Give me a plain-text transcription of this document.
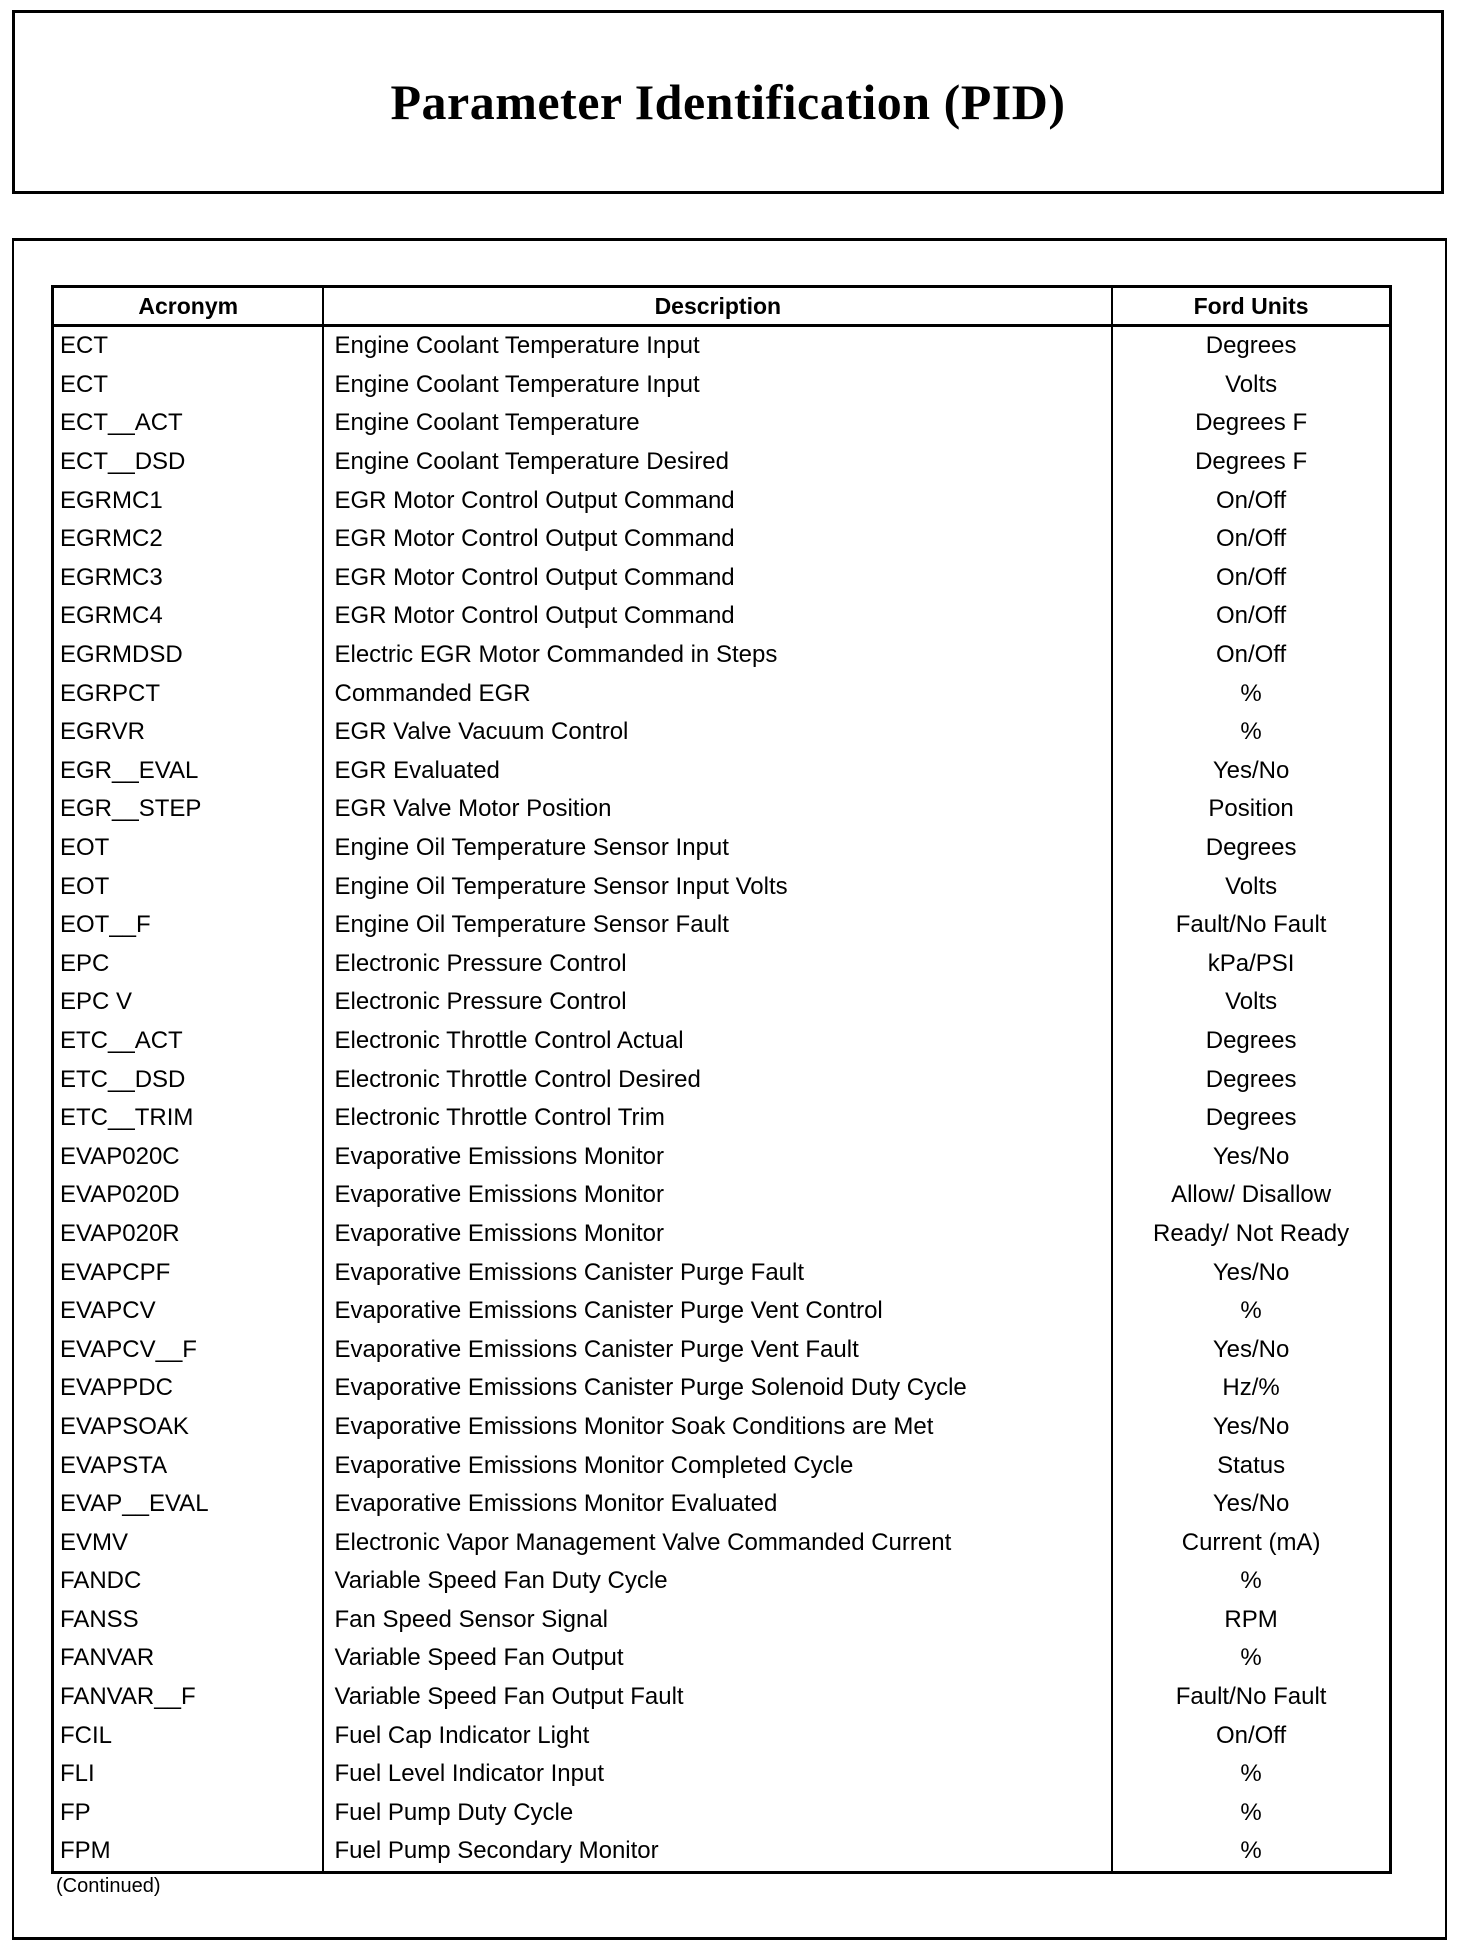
Parameter Identification (PID)
Acronym	Description	Ford Units
ECT	Engine Coolant Temperature Input	Degrees
ECT	Engine Coolant Temperature Input	Volts
ECT__ACT	Engine Coolant Temperature	Degrees F
ECT__DSD	Engine Coolant Temperature Desired	Degrees F
EGRMC1	EGR Motor Control Output Command	On/Off
EGRMC2	EGR Motor Control Output Command	On/Off
EGRMC3	EGR Motor Control Output Command	On/Off
EGRMC4	EGR Motor Control Output Command	On/Off
EGRMDSD	Electric EGR Motor Commanded in Steps	On/Off
EGRPCT	Commanded EGR	%
EGRVR	EGR Valve Vacuum Control	%
EGR__EVAL	EGR Evaluated	Yes/No
EGR__STEP	EGR Valve Motor Position	Position
EOT	Engine Oil Temperature Sensor Input	Degrees
EOT	Engine Oil Temperature Sensor Input Volts	Volts
EOT__F	Engine Oil Temperature Sensor Fault	Fault/No Fault
EPC	Electronic Pressure Control	kPa/PSI
EPC V	Electronic Pressure Control	Volts
ETC__ACT	Electronic Throttle Control Actual	Degrees
ETC__DSD	Electronic Throttle Control Desired	Degrees
ETC__TRIM	Electronic Throttle Control Trim	Degrees
EVAP020C	Evaporative Emissions Monitor	Yes/No
EVAP020D	Evaporative Emissions Monitor	Allow/ Disallow
EVAP020R	Evaporative Emissions Monitor	Ready/ Not Ready
EVAPCPF	Evaporative Emissions Canister Purge Fault	Yes/No
EVAPCV	Evaporative Emissions Canister Purge Vent Control	%
EVAPCV__F	Evaporative Emissions Canister Purge Vent Fault	Yes/No
EVAPPDC	Evaporative Emissions Canister Purge Solenoid Duty Cycle	Hz/%
EVAPSOAK	Evaporative Emissions Monitor Soak Conditions are Met	Yes/No
EVAPSTA	Evaporative Emissions Monitor Completed Cycle	Status
EVAP__EVAL	Evaporative Emissions Monitor Evaluated	Yes/No
EVMV	Electronic Vapor Management Valve Commanded Current	Current (mA)
FANDC	Variable Speed Fan Duty Cycle	%
FANSS	Fan Speed Sensor Signal	RPM
FANVAR	Variable Speed Fan Output	%
FANVAR__F	Variable Speed Fan Output Fault	Fault/No Fault
FCIL	Fuel Cap Indicator Light	On/Off
FLI	Fuel Level Indicator Input	%
FP	Fuel Pump Duty Cycle	%
FPM	Fuel Pump Secondary Monitor	%
(Continued)
